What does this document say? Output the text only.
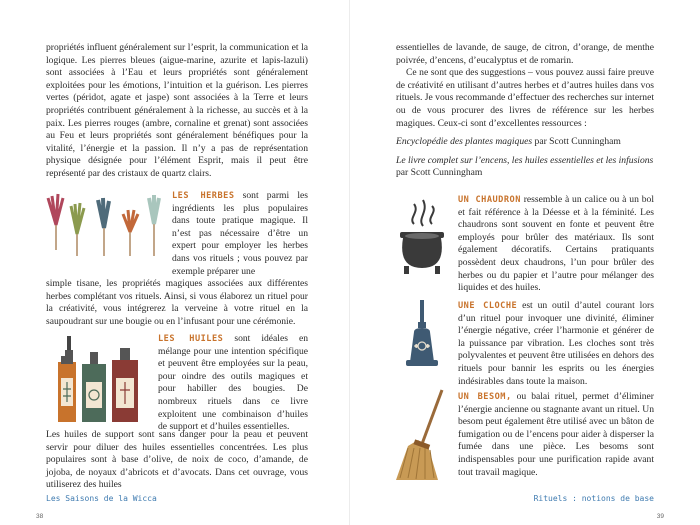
propriétés influent généralement sur l’esprit, la communication et la logique. Les pierres bleues (aigue-marine, azurite et lapis-lazuli) sont associées à l’Eau et leurs propriétés sont généralement exploitées pour les émotions, l’intuition et la guérison. Les pierres vertes (péridot, agate et jaspe) sont associées à la Terre et leurs propriétés contribuent généralement à la richesse, au succès et à la paix. Les pierres rouges (ambre, cornaline et grenat) sont associées au Feu et leurs propriétés sont généralement bénéfiques pour la vitalité, l’énergie et la passion. Il n’y a pas de représentation physique désignée pour l’élément Esprit, mais il peut être représenté par des cristaux de quartz clairs.

LES HERBES sont parmi les ingrédients les plus populaires dans toute pratique magique. Il n’est pas nécessaire d’être un expert pour employer les herbes dans vos rituels ; vous pouvez par exemple préparer une

simple tisane, les propriétés magiques associées aux différentes herbes complétant vos rituels. Ainsi, si vous élaborez un rituel pour la créativité, vous intégrerez la verveine à votre rituel en la saupoudrant sur une bougie ou en l’infusant pour une cérémonie.

LES HUILES sont idéales en mélange pour une intention spécifique et peuvent être employées sur la peau, pour oindre des outils magiques et pour habiller des bougies. De nombreux rituels dans ce livre exploitent une combinaison d’huiles de support et d’huiles essentielles.

Les huiles de support sont sans danger pour la peau et peuvent servir pour diluer des huiles essentielles concentrées. Les plus populaires sont à base d’olive, de noix de coco, d’amande, de jojoba, de noyaux d’abricots et d’avocats. Dans cet ouvrage, vous utiliserez des huiles

Les Saisons de la Wicca
38

essentielles de lavande, de sauge, de citron, d’orange, de menthe poivrée, d’encens, d’eucalyptus et de romarin.

Ce ne sont que des suggestions – vous pouvez aussi faire preuve de créativité en utilisant d’autres herbes et d’autres huiles dans vos rituels. Je vous recommande d’effectuer des recherches sur internet ou de vous procurer des livres de référence sur les herbes magiques. Ceux-ci sont d’excellentes ressources :

Encyclopédie des plantes magiques par Scott Cunningham

Le livre complet sur l’encens, les huiles essentielles et les infusions par Scott Cunningham

UN CHAUDRON ressemble à un calice ou à un bol et fait référence à la Déesse et à la féminité. Les chaudrons sont souvent en fonte et peuvent être employés pour brûler des matériaux. Ils sont également décoratifs. Certains pratiquants possèdent deux chaudrons, l’un pour brûler des herbes ou du papier et l’autre pour mélanger des liquides et des huiles.

UNE CLOCHE est un outil d’autel courant lors d’un rituel pour invoquer une divinité, éliminer l’énergie négative, créer l’harmonie et générer de la puissance par vibration. Les cloches sont très polyvalentes et peuvent être utilisées en dehors des rituels pour bannir les esprits ou les énergies indésirables dans toute la maison.

UN BESOM, ou balai rituel, permet d’éliminer l’énergie ancienne ou stagnante avant un rituel. Un besom peut également être utilisé avec un bâton de fumigation ou de l’encens pour aider à disperser la fumée dans une pièce. Les besoms sont indispensables pour une purification rapide avant tout travail magique.

Rituels : notions de base
39
